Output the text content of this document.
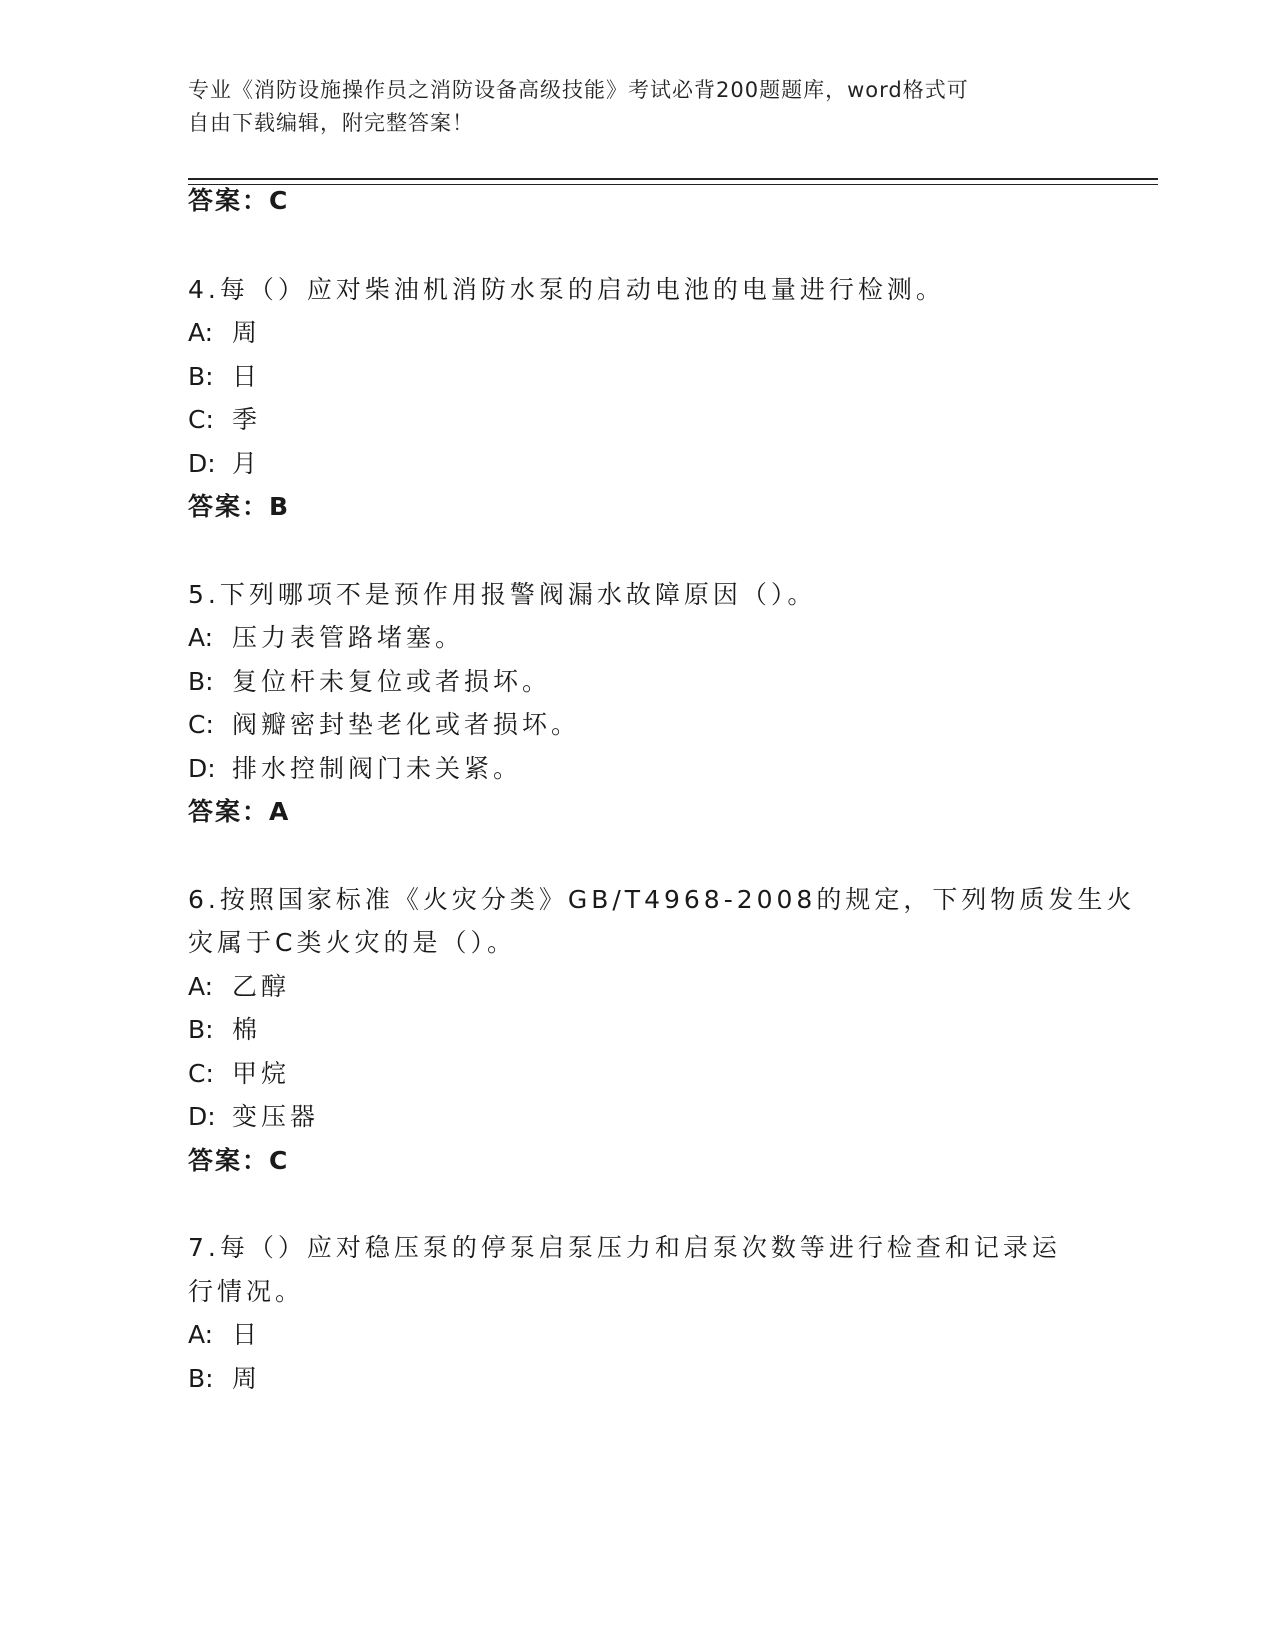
专业《消防设施操作员之消防设备高级技能》考试必背200题题库，word格式可
自由下载编辑，附完整答案！
答案：C
4.每（）应对柴油机消防水泵的启动电池的电量进行检测。
A: 周
B: 日
C: 季
D: 月
答案：B
5.下列哪项不是预作用报警阀漏水故障原因（）。
A: 压力表管路堵塞。
B: 复位杆未复位或者损坏。
C: 阀瓣密封垫老化或者损坏。
D: 排水控制阀门未关紧。
答案：A
6.按照国家标准《火灾分类》GB/T4968-2008的规定，下列物质发生火
灾属于C类火灾的是（）。
A: 乙醇
B: 棉
C: 甲烷
D: 变压器
答案：C
7.每（）应对稳压泵的停泵启泵压力和启泵次数等进行检查和记录运
行情况。
A: 日
B: 周
